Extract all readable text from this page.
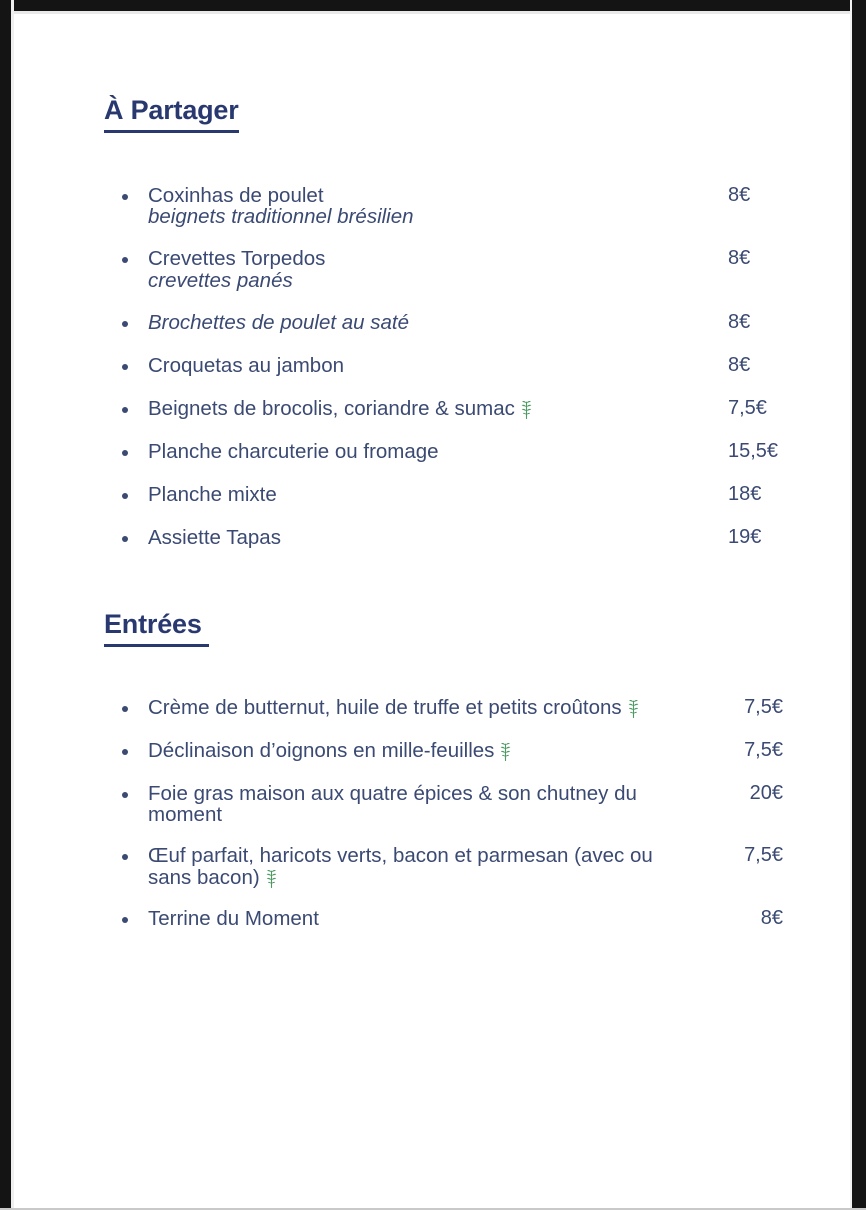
À Partager
Coxinhas de poulet
beignets traditionnel brésilien
8€
Crevettes Torpedos
crevettes panés
8€
Brochettes de poulet au saté	8€
Croquetas au jambon	8€
Beignets de brocolis, coriandre & sumac	7,5€
Planche charcuterie ou fromage	15,5€
Planche mixte	18€
Assiette Tapas	19€
Entrées
Crème de butternut, huile de truffe et petits croûtons	7,5€
Déclinaison d’oignons en mille-feuilles	7,5€
Foie gras maison aux quatre épices & son chutney du moment
20€
Œuf parfait, haricots verts, bacon et parmesan (avec ou sans bacon)
7,5€
Terrine du Moment	8€
